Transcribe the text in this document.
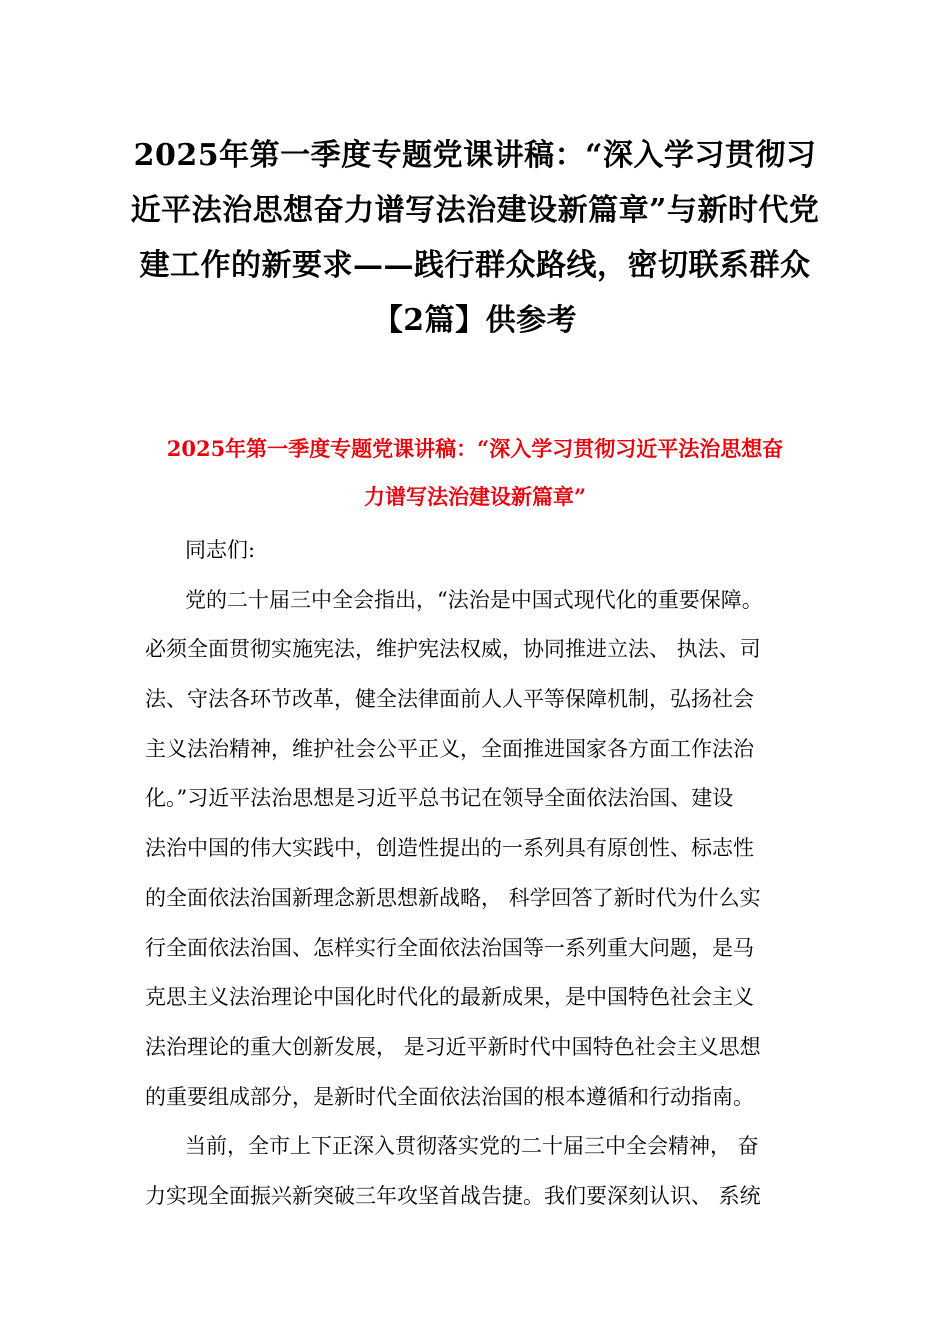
2025年第一季度专题党课讲稿：“深入学习贯彻习
近平法治思想奋力谱写法治建设新篇章”与新时代党
建工作的新要求——践行群众路线，密切联系群众
【2篇】供参考
2025年第一季度专题党课讲稿：“深入学习贯彻习近平法治思想奋
力谱写法治建设新篇章”
同志们:
党的二十届三中全会指出，“法治是中国式现代化的重要保障。
必须全面贯彻实施宪法，维护宪法权威，协同推进立法、 执法、司
法、守法各环节改革，健全法律面前人人平等保障机制，弘扬社会
主义法治精神，维护社会公平正义，全面推进国家各方面工作法治
化。”习近平法治思想是习近平总书记在领导全面依法治国、建设
法治中国的伟大实践中，创造性提出的一系列具有原创性、标志性
的全面依法治国新理念新思想新战略， 科学回答了新时代为什么实
行全面依法治国、怎样实行全面依法治国等一系列重大问题，是马
克思主义法治理论中国化时代化的最新成果，是中国特色社会主义
法治理论的重大创新发展， 是习近平新时代中国特色社会主义思想
的重要组成部分，是新时代全面依法治国的根本遵循和行动指南。
当前，全市上下正深入贯彻落实党的二十届三中全会精神， 奋
力实现全面振兴新突破三年攻坚首战告捷。我们要深刻认识、 系统
